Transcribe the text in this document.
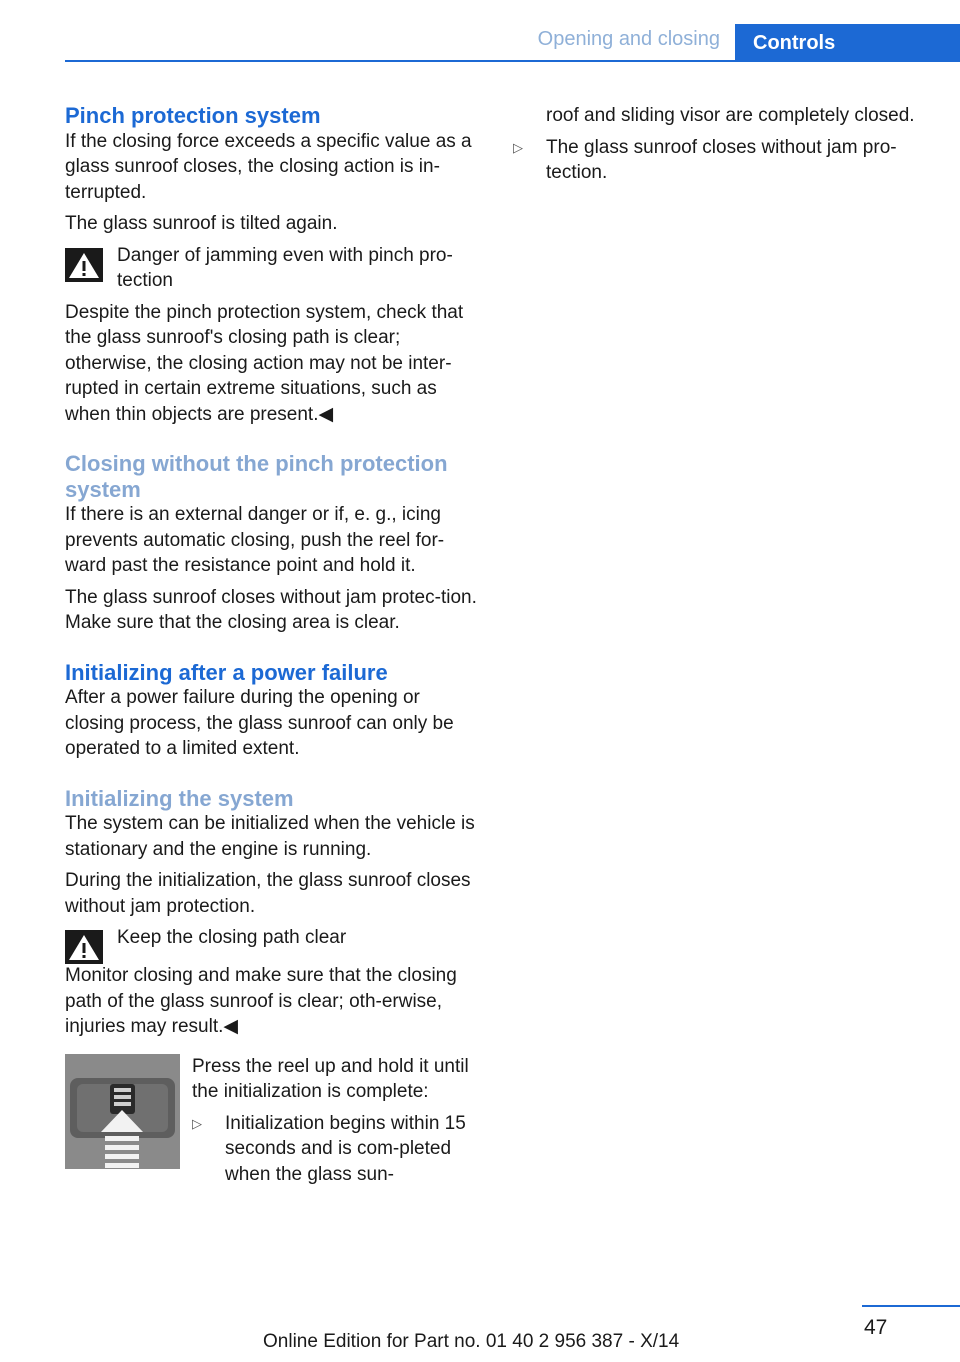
Opening and closing	Controls
Pinch protection system

If the closing force exceeds a specific value as a glass sunroof closes, the closing action is in‐terrupted.

The glass sunroof is tilted again.

Danger of jamming even with pinch pro‐tection

Despite the pinch protection system, check that the glass sunroof's closing path is clear; otherwise, the closing action may not be inter‐rupted in certain extreme situations, such as when thin objects are present.◀

Closing without the pinch protection system

If there is an external danger or if, e. g., icing prevents automatic closing, push the reel for‐ward past the resistance point and hold it.

The glass sunroof closes without jam protec‐tion. Make sure that the closing area is clear.

Initializing after a power failure

After a power failure during the opening or closing process, the glass sunroof can only be operated to a limited extent.

Initializing the system

The system can be initialized when the vehicle is stationary and the engine is running.

During the initialization, the glass sunroof closes without jam protection.

Keep the closing path clear

Monitor closing and make sure that the closing path of the glass sunroof is clear; oth‐erwise, injuries may result.◀

Press the reel up and hold it until the initialization is complete:

▷ Initialization begins within 15 seconds and is com‐pleted when the glass sun‐
roof and sliding visor are completely closed.
▷ The glass sunroof closes without jam pro‐tection.
47
Online Edition for Part no. 01 40 2 956 387 - X/14
